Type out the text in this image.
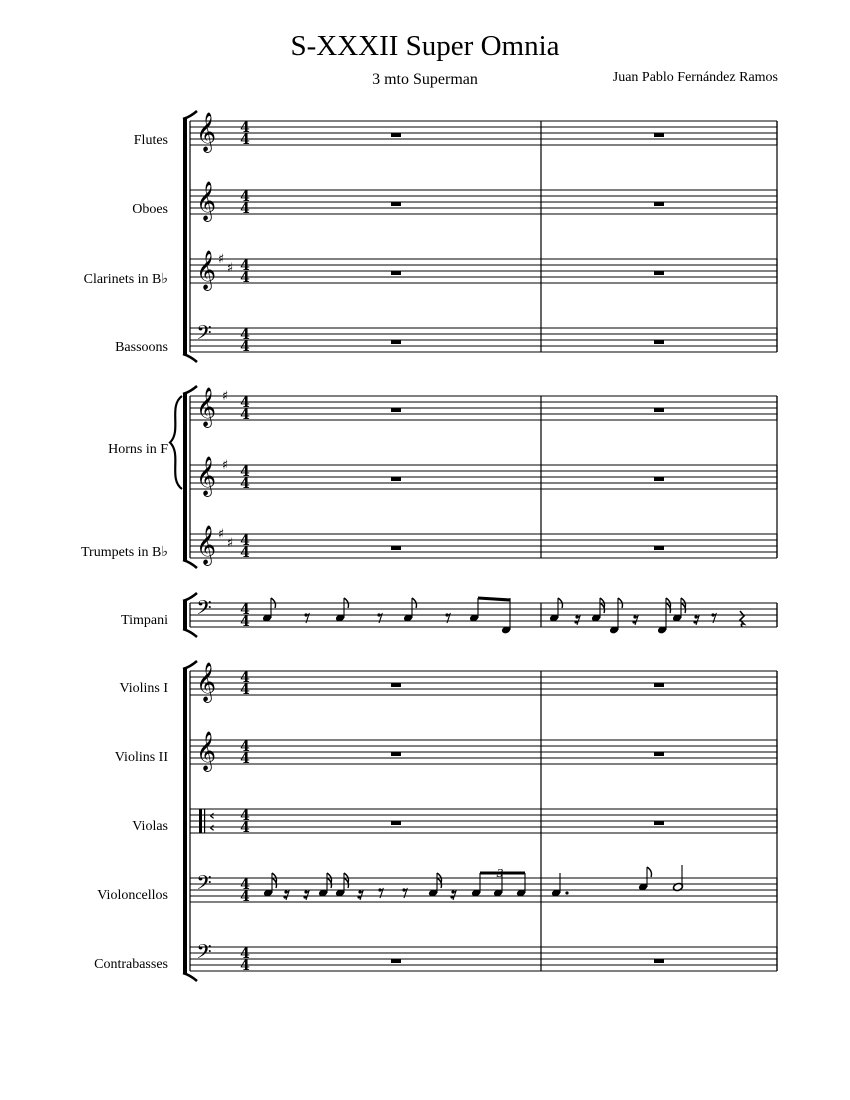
S-XXXII Super Omnia
3 mto Superman	Juan Pablo Fernández Ramos
Flutes
Oboes
Clarinets in B♭
Bassoons
Horns in F
Trumpets in B♭
Timpani
Violins I
Violins II
Violas
Violoncellos
Contrabasses
𝄞 4
4
𝄞 4
4
𝄞 ♯
♯ 4
4
𝄢 4
4
𝄞 ♯ 4
4
𝄞 ♯ 4
4
𝄞 ♯
♯ 4
4
𝄢 4
4
𝄞 4
4
𝄞 4
4
‹
‹
4
4
𝄢 4
4
𝄢 4
4
3
